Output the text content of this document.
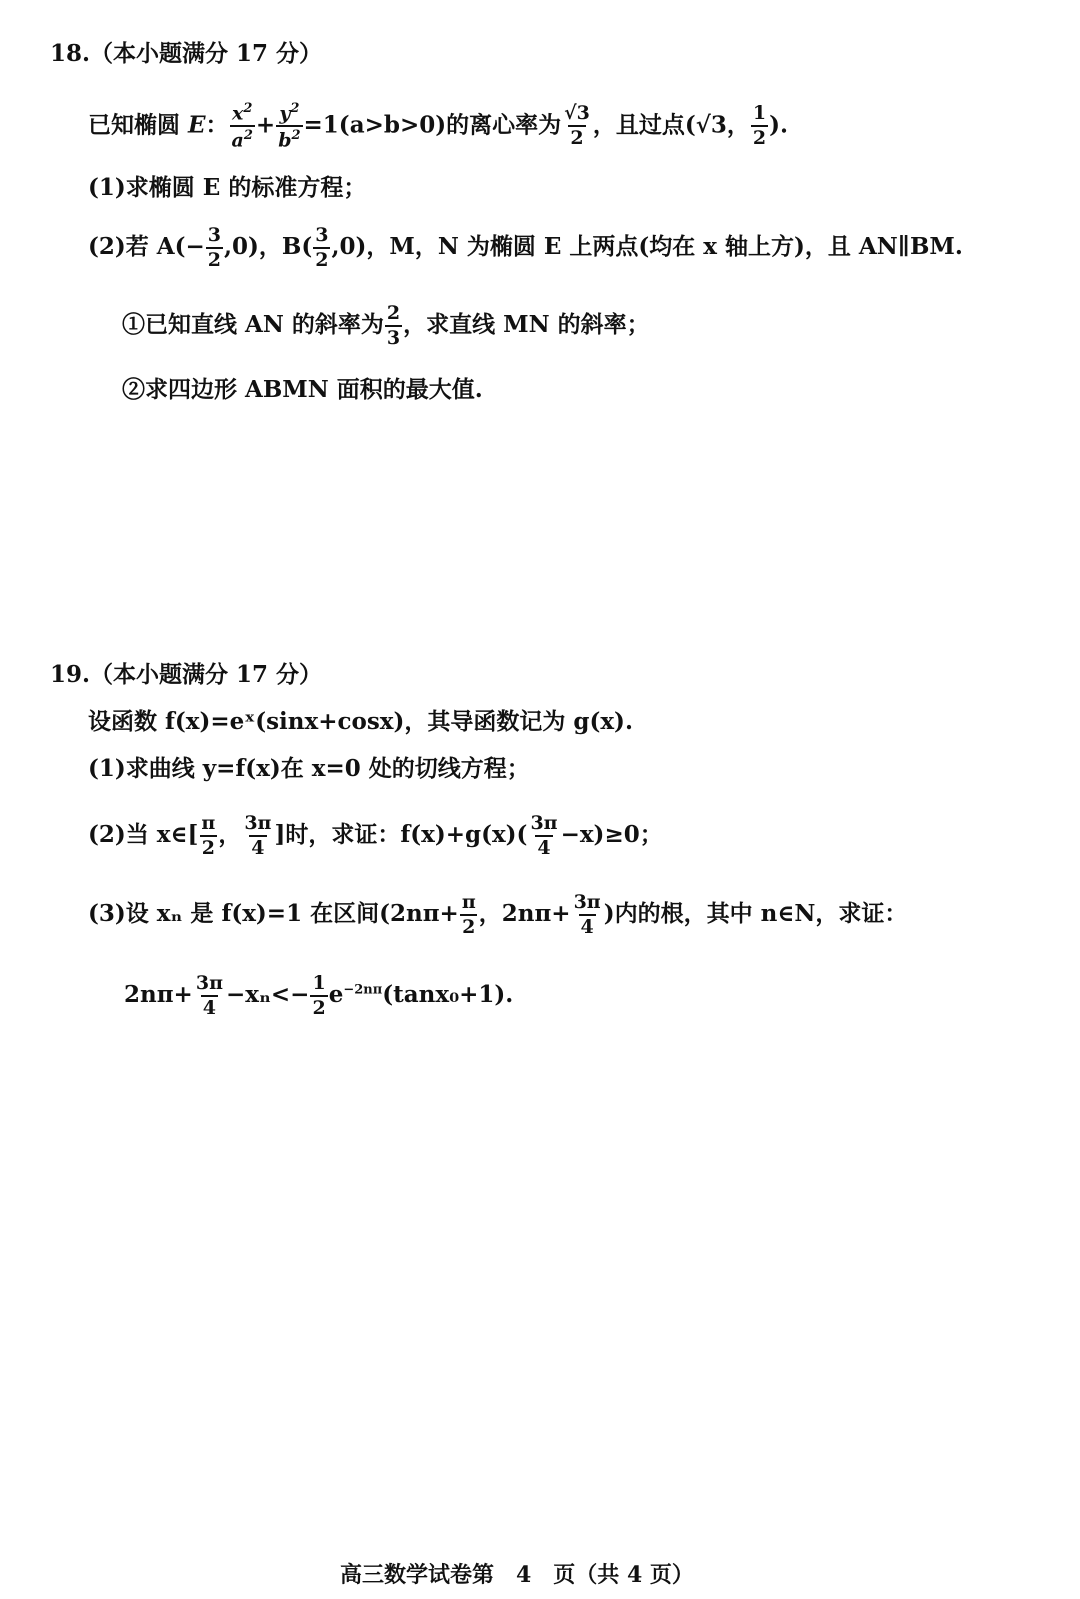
18.（本小题满分 17 分）
已知椭圆 E： $\frac{x^2}{a^2} + \frac{y^2}{b^2} =1(a>b>0)$的离心率为 $\frac{√3}{2}$ ，且过点(√3， $\frac{1}{2}$ ).
(1)求椭圆 E 的标准方程；
(2)若 $A(- \frac{3}{2} ,0)$，$B( \frac{3}{2} ,0)$，M，N 为椭圆 E 上两点(均在 x 轴上方)，且 AN∥BM.
①已知直线 AN 的斜率为 $\frac{2}{3}$ ，求直线 MN 的斜率；
②求四边形 ABMN 面积的最大值.
19.（本小题满分 17 分）
设函数 f(x)=eˣ(sinx+cosx)，其导函数记为 g(x).
(1)求曲线 y=f(x)在 x=0 处的切线方程；
(2)当 x∈[ $\frac{\pi}{2}$ ， $\frac{3\pi}{4}$ ]时，求证：$f(x)+g(x)( \frac{3\pi}{4} -x)\ge 0$；
(3)设 xₙ 是 f(x)=1 在区间($2n\pi+ \frac{\pi}{2}$ ，$2n\pi+ \frac{3\pi}{4}$ )内的根，其中 n∈N，求证：
$2n\pi+ \frac{3\pi}{4} -x_n<- \frac{1}{2} e^{-2n\pi}(\tan x_0+1)$.
高三数学试卷第　4　页（共 4 页）
